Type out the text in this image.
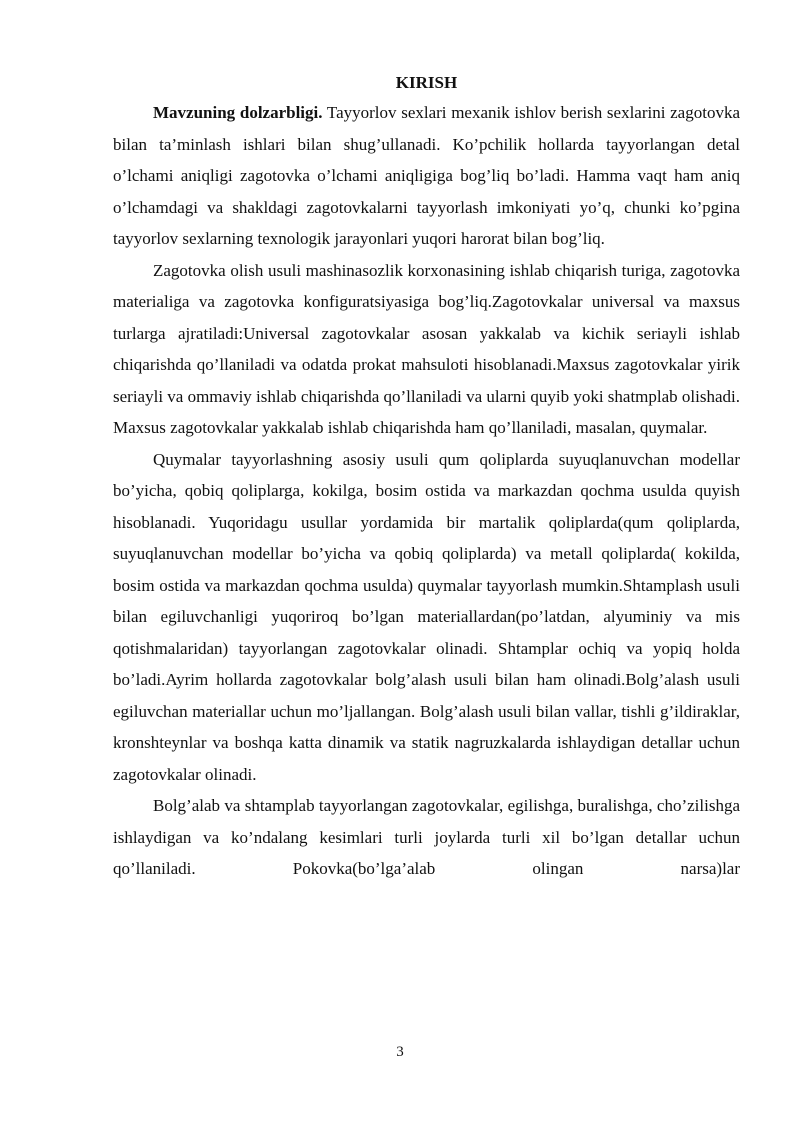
KIRISH

Mavzuning dolzarbligi. Tayyorlov sexlari mexanik ishlov berish sexlarini zagotovka bilan ta’minlash ishlari bilan shug’ullanadi. Ko’pchilik hollarda tayyorlangan detal o’lchami aniqligi zagotovka o’lchami aniqligiga bog’liq bo’ladi. Hamma vaqt ham aniq o’lchamdagi va shakldagi zagotovkalarni tayyorlash imkoniyati yo’q, chunki ko’pgina tayyorlov sexlarning texnologik jarayonlari yuqori harorat bilan bog’liq.

Zagotovka olish usuli mashinasozlik korxonasining ishlab chiqarish turiga, zagotovka materialiga va zagotovka konfiguratsiyasiga bog’liq.Zagotovkalar universal va maxsus turlarga ajratiladi:Universal zagotovkalar asosan yakkalab va kichik seriayli ishlab chiqarishda qo’llaniladi va odatda prokat mahsuloti hisoblanadi.Maxsus zagotovkalar yirik seriayli va ommaviy ishlab chiqarishda qo’llaniladi va ularni quyib yoki shatmplab olishadi. Maxsus zagotovkalar yakkalab ishlab chiqarishda ham qo’llaniladi, masalan, quymalar.

Quymalar tayyorlashning asosiy usuli qum qoliplarda suyuqlanuvchan modellar bo’yicha, qobiq qoliplarga, kokilga, bosim ostida va markazdan qochma usulda quyish hisoblanadi. Yuqoridagu usullar yordamida bir martalik qoliplarda(qum qoliplarda, suyuqlanuvchan modellar bo’yicha va qobiq qoliplarda) va metall qoliplarda( kokilda, bosim ostida va markazdan qochma usulda) quymalar tayyorlash mumkin.Shtamplash usuli bilan egiluvchanligi yuqoriroq bo’lgan materiallardan(po’latdan, alyuminiy va mis qotishmalaridan) tayyorlangan zagotovkalar olinadi. Shtamplar ochiq va yopiq holda bo’ladi.Ayrim hollarda zagotovkalar bolg’alash usuli bilan ham olinadi.Bolg’alash usuli egiluvchan materiallar uchun mo’ljallangan. Bolg’alash usuli bilan vallar, tishli g’ildiraklar, kronshteynlar va boshqa katta dinamik va statik nagruzkalarda ishlaydigan detallar uchun zagotovkalar olinadi.

Bolg’alab va shtamplab tayyorlangan zagotovkalar, egilishga, buralishga, cho’zilishga ishlaydigan va ko’ndalang kesimlari turli joylarda turli xil bo’lgan detallar uchun qo’llaniladi. Pokovka(bo’lga’alab olingan narsa)lar

3
